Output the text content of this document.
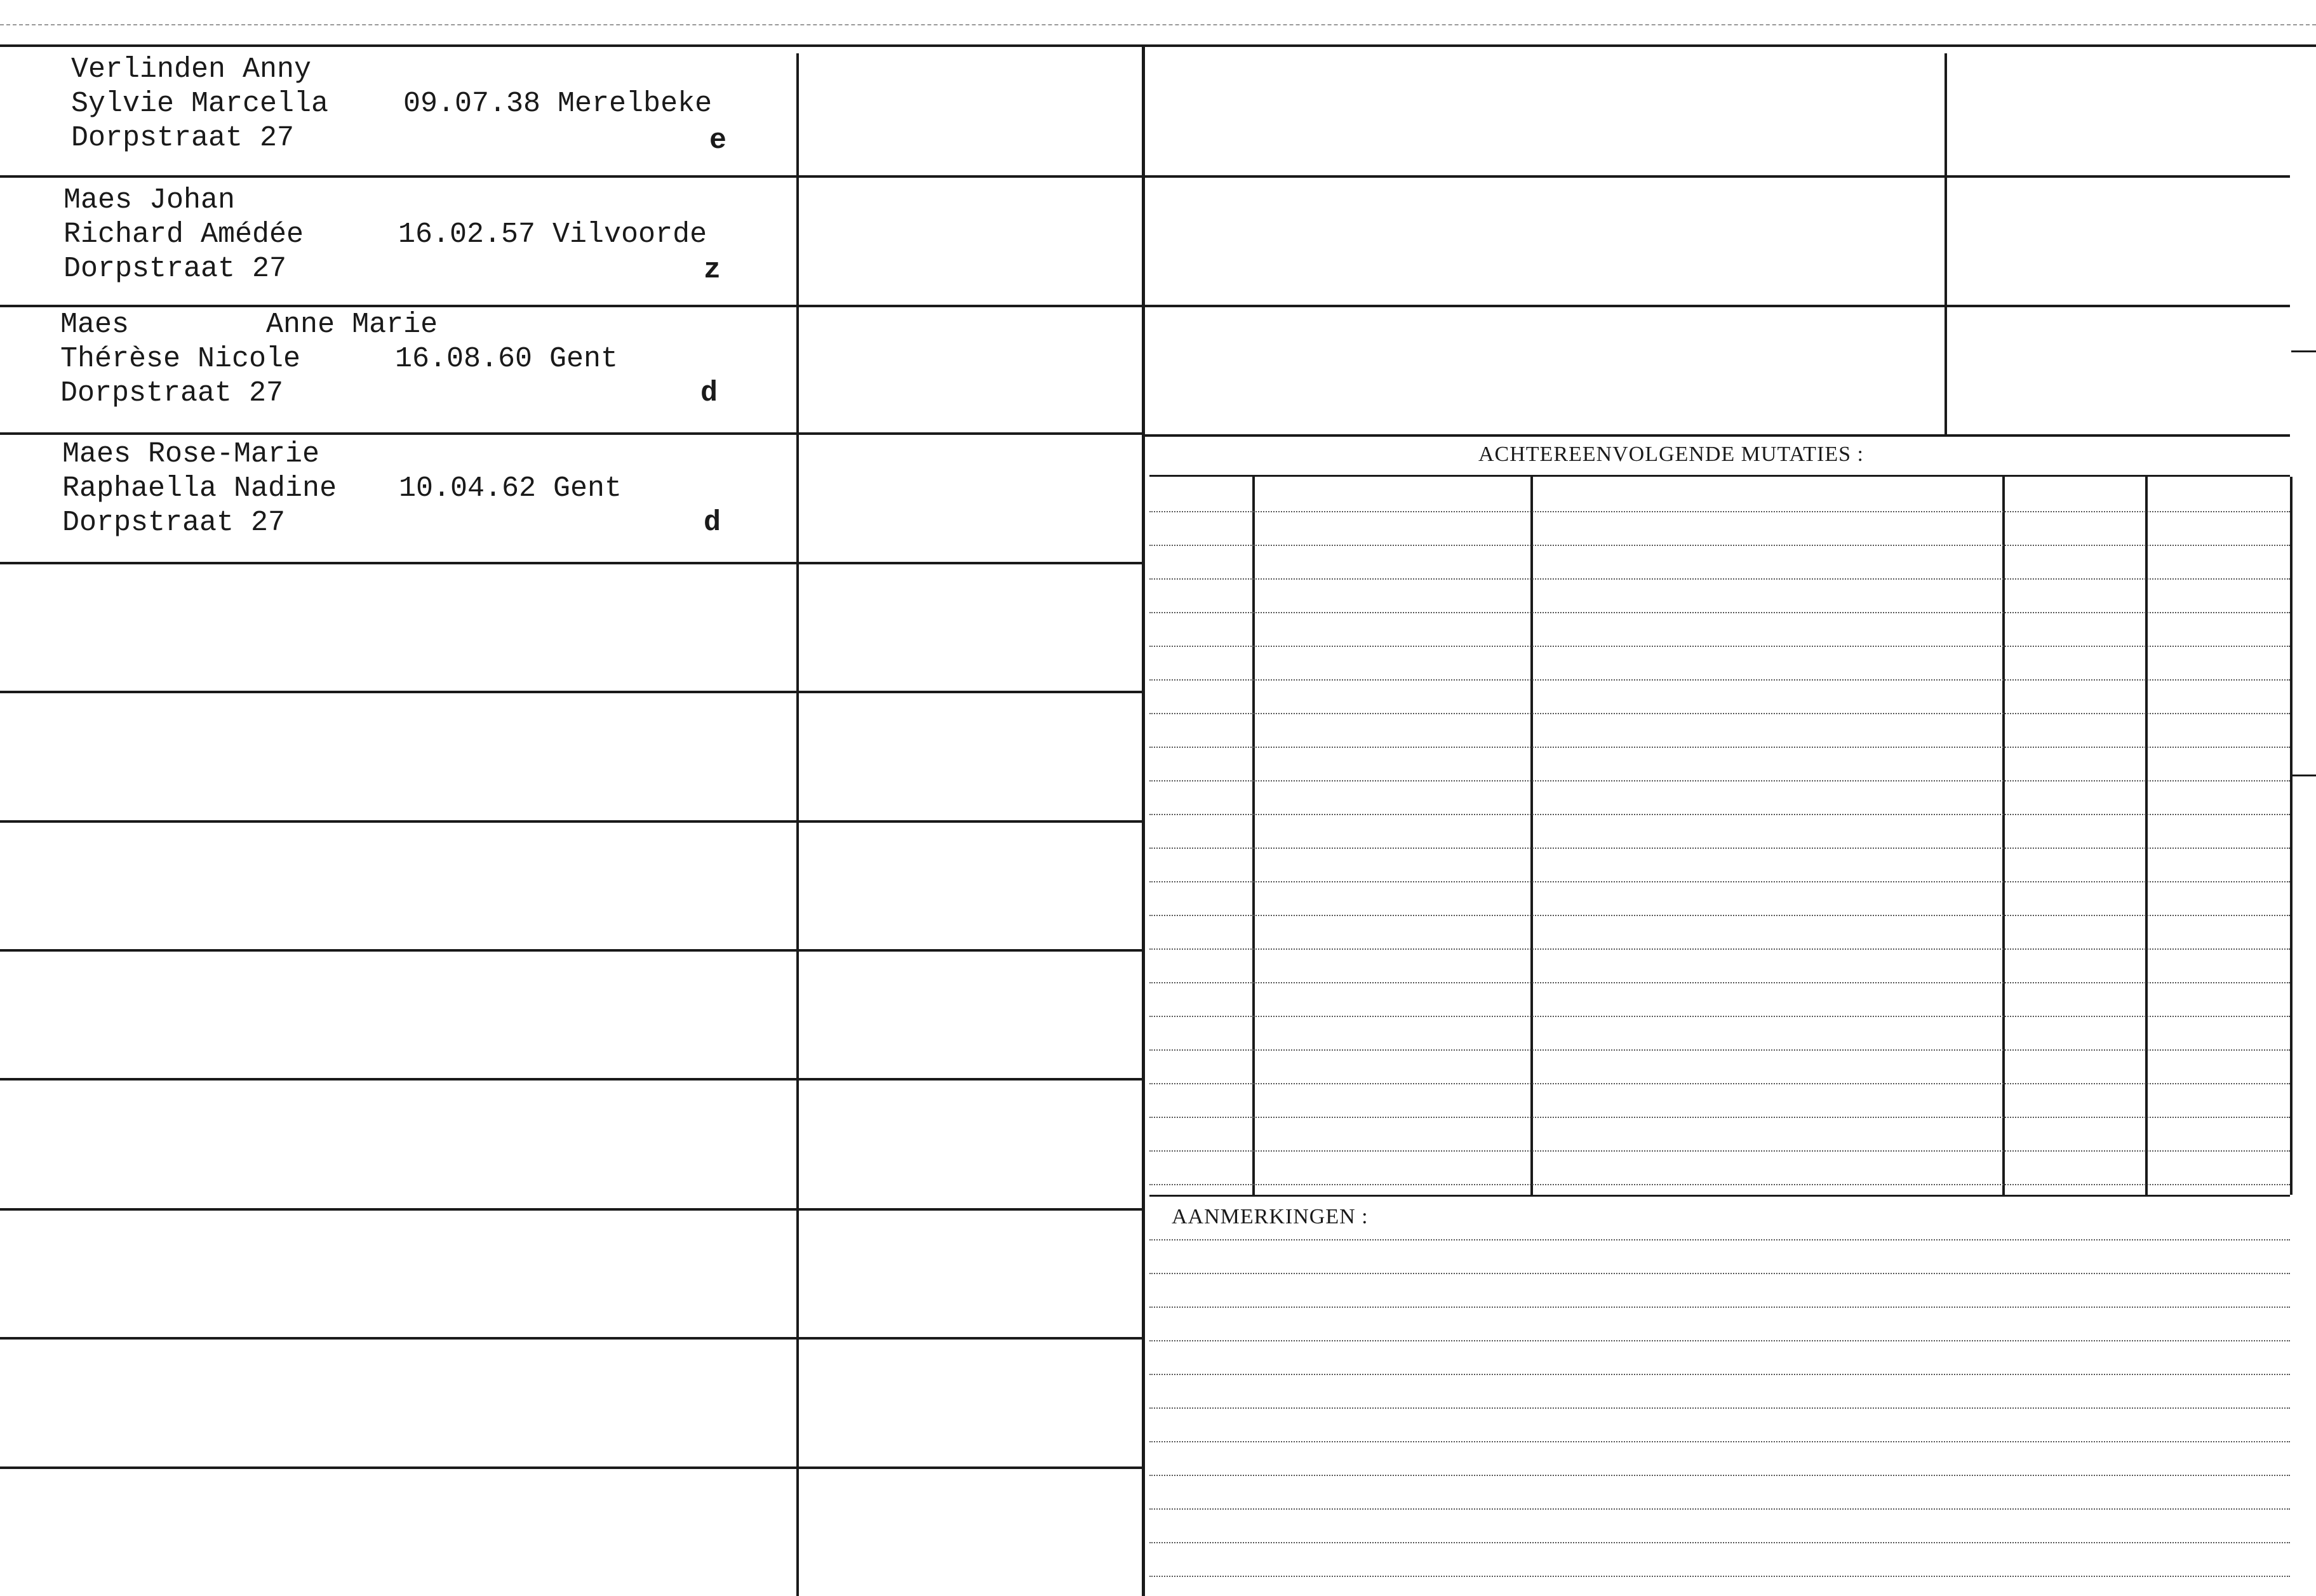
Verlinden Anny
Sylvie Marcella	09.07.38 Merelbeke
Dorpstraat 27	e
Maes Johan
Richard Amédée	16.02.57 Vilvoorde
Dorpstraat 27	z
Maes        Anne Marie
Thérèse Nicole	16.08.60 Gent
Dorpstraat 27	d
Maes Rose-Marie
Raphaella Nadine 10.04.62 Gent
Dorpstraat 27	d
ACHTEREENVOLGENDE MUTATIES :
AANMERKINGEN :
